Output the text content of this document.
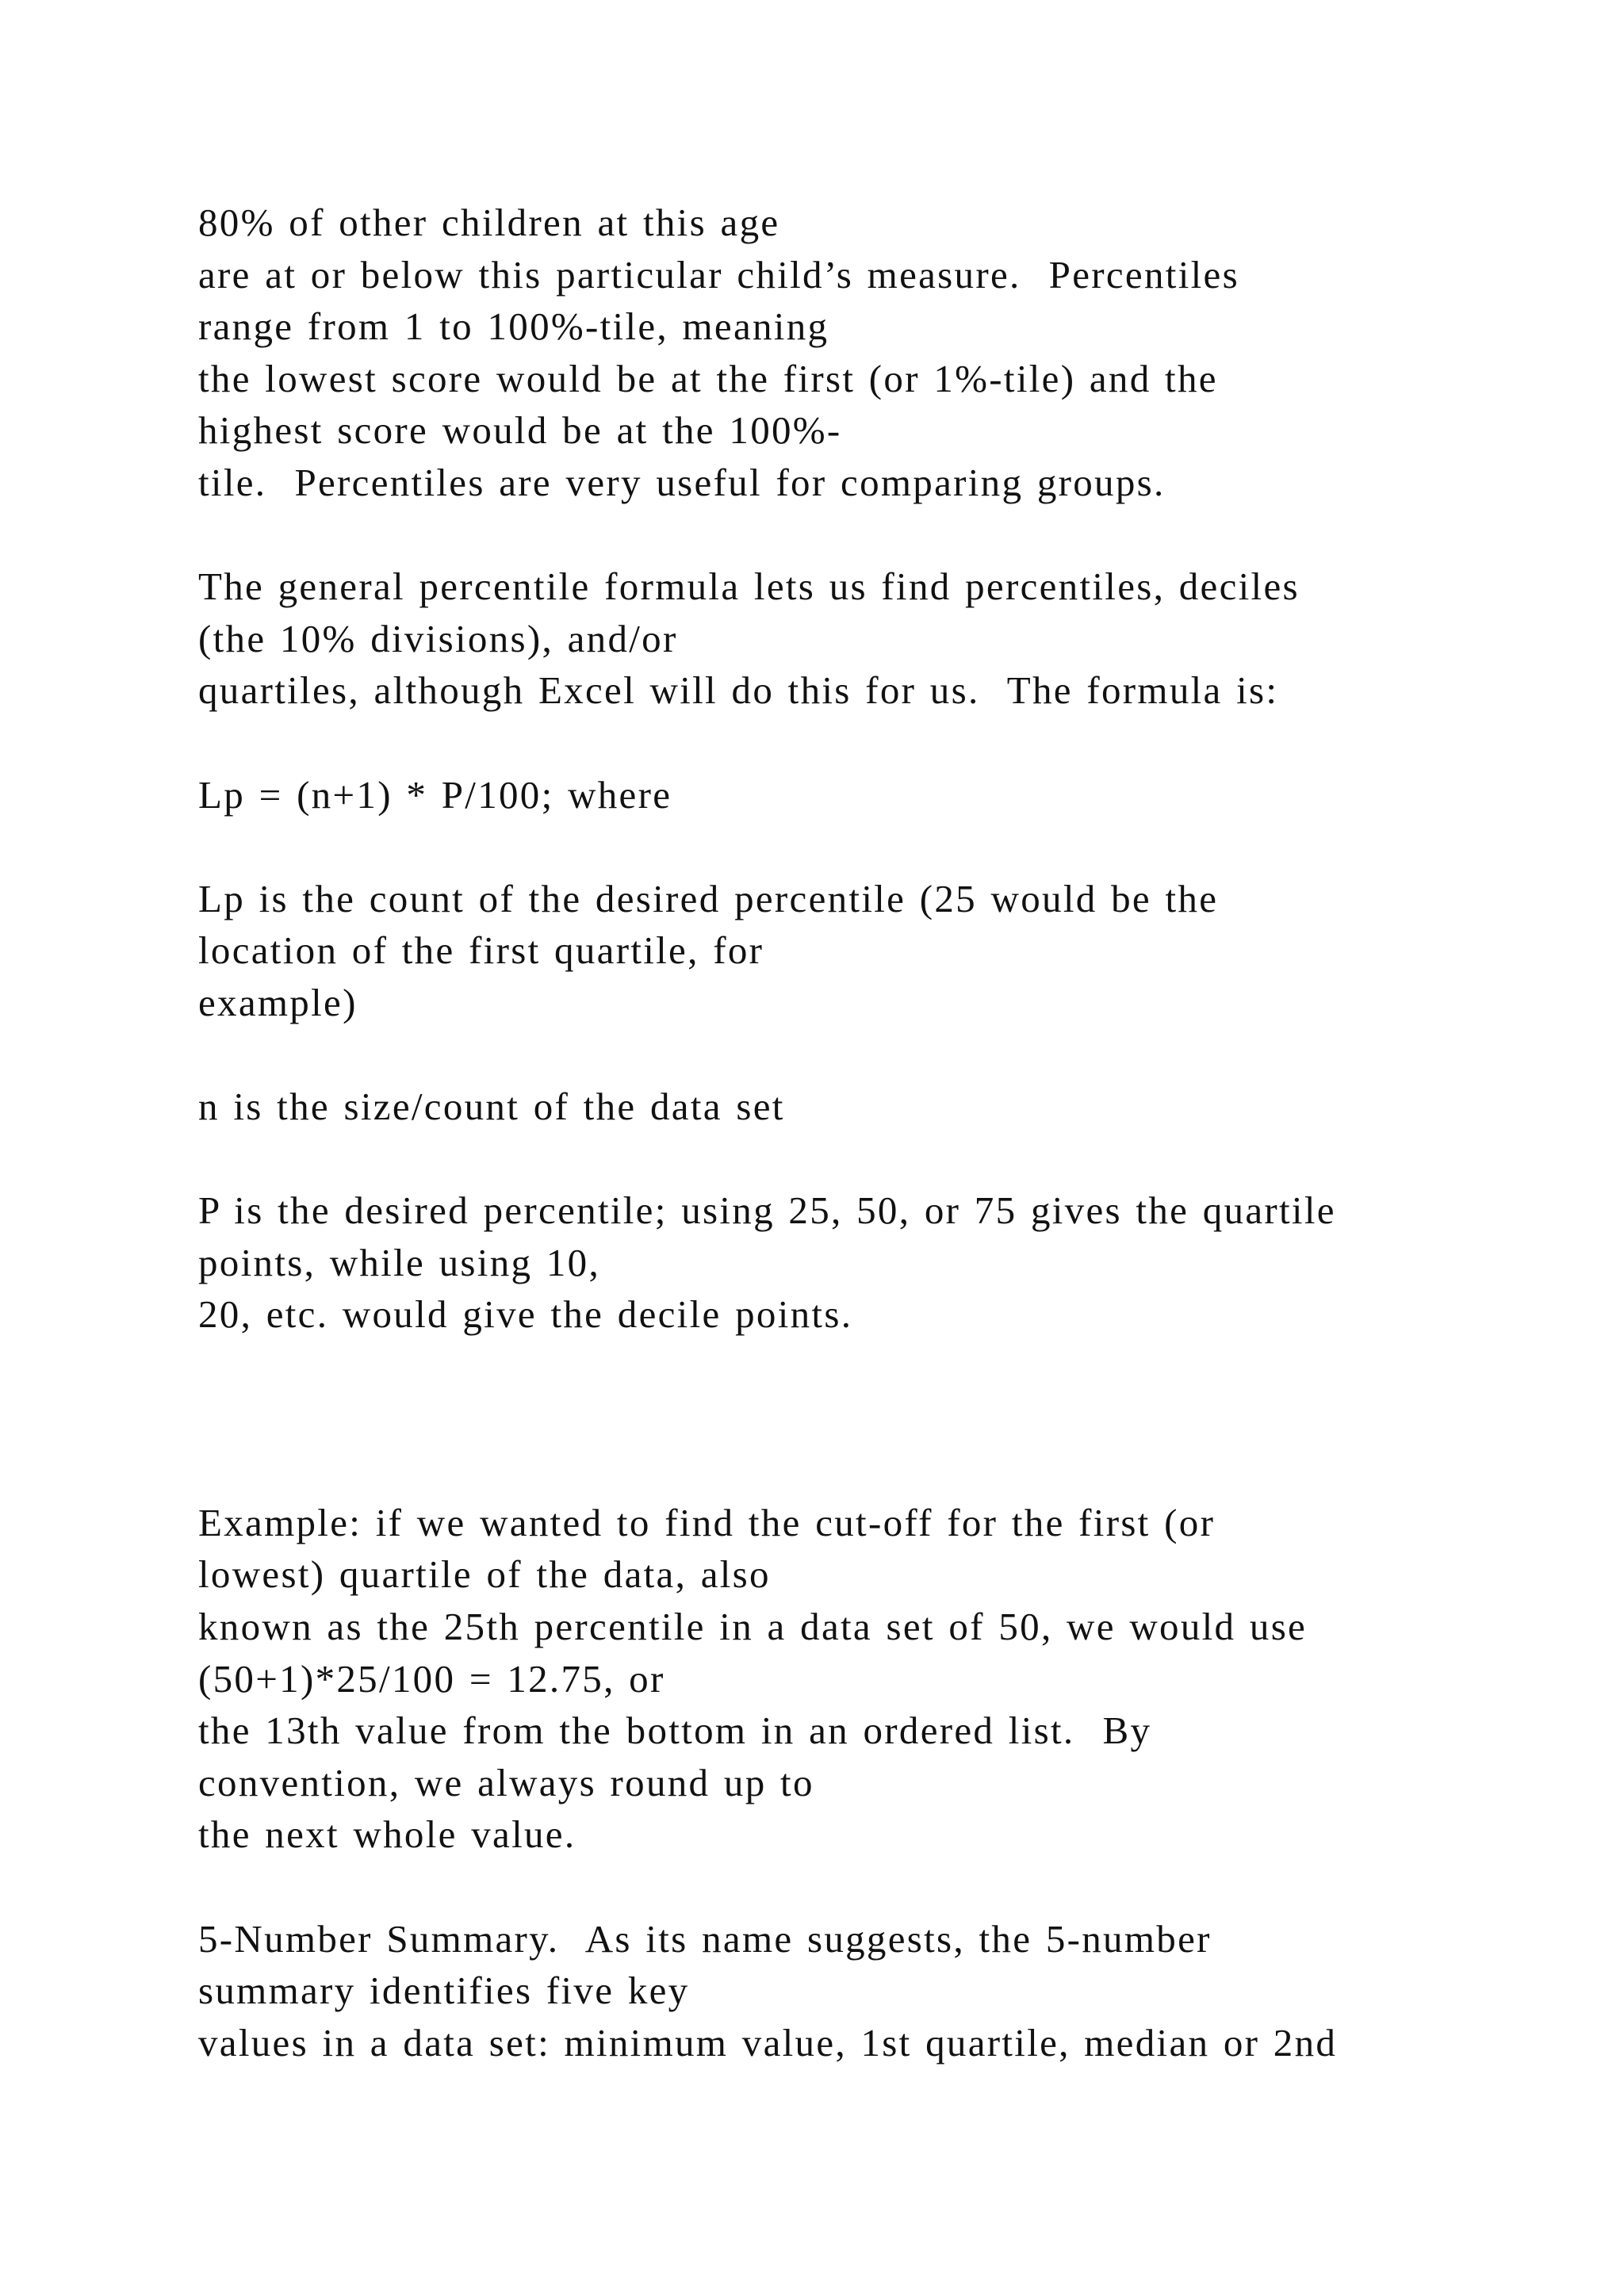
80% of other children at this age
are at or below this particular child’s measure.  Percentiles
range from 1 to 100%-tile, meaning
the lowest score would be at the first (or 1%-tile) and the
highest score would be at the 100%-
tile.  Percentiles are very useful for comparing groups.
The general percentile formula lets us find percentiles, deciles
(the 10% divisions), and/or
quartiles, although Excel will do this for us.  The formula is:
Lp = (n+1) * P/100; where
Lp is the count of the desired percentile (25 would be the
location of the first quartile, for
example)
n is the size/count of the data set
P is the desired percentile; using 25, 50, or 75 gives the quartile
points, while using 10,
20, etc. would give the decile points.
Example: if we wanted to find the cut-off for the first (or
lowest) quartile of the data, also
known as the 25th percentile in a data set of 50, we would use
(50+1)*25/100 = 12.75, or
the 13th value from the bottom in an ordered list.  By
convention, we always round up to
the next whole value.
5-Number Summary.  As its name suggests, the 5-number
summary identifies five key
values in a data set: minimum value, 1st quartile, median or 2nd
